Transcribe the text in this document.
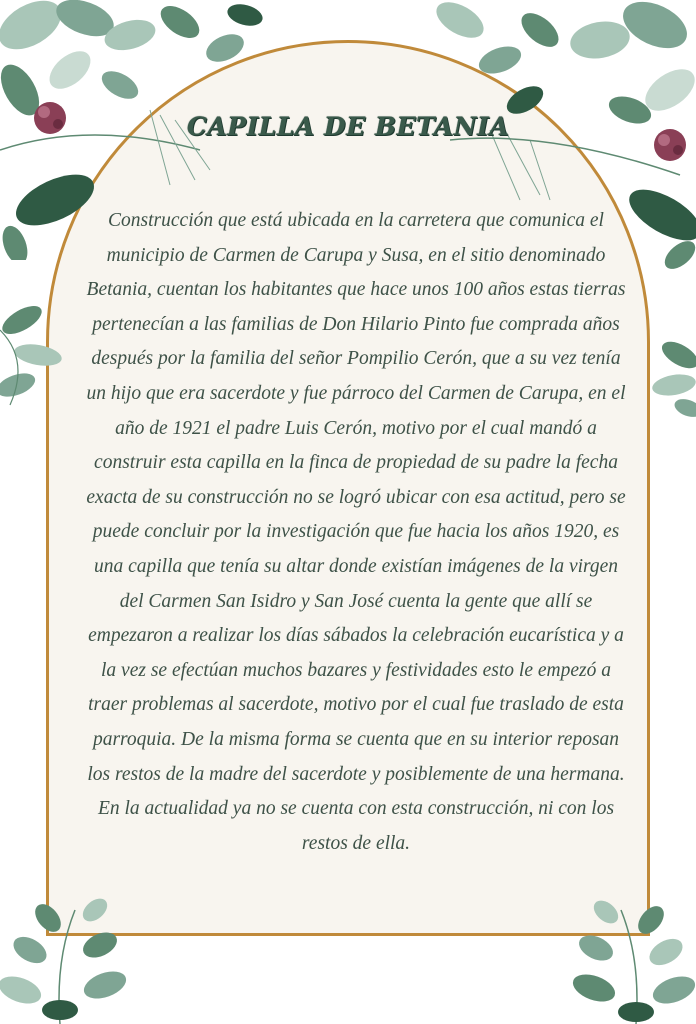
CAPILLA DE BETANIA
Construcción que está ubicada en la carretera que comunica el municipio de Carmen de Carupa y Susa, en el sitio denominado Betania, cuentan los habitantes que hace unos 100 años estas tierras pertenecían a las familias de Don Hilario Pinto fue comprada años después por la familia del señor Pompilio Cerón, que a su vez tenía un hijo que era sacerdote y fue párroco del Carmen de Carupa, en el año de 1921 el padre Luis Cerón, motivo por el cual mandó a construir esta capilla en la finca de propiedad de su padre la fecha exacta de su construcción no se logró ubicar con esa actitud, pero se puede concluir por la investigación que fue hacia los años 1920, es una capilla que tenía su altar donde existían imágenes de la virgen del Carmen San Isidro y San José cuenta la gente que allí se empezaron a realizar los días sábados la celebración eucarística y a la vez se efectúan muchos bazares y festividades esto le empezó a traer problemas al sacerdote, motivo por el cual fue traslado de esta parroquia. De la misma forma se cuenta que en su interior reposan los restos de la madre del sacerdote y posiblemente de una hermana. En la actualidad ya no se cuenta con esta construcción, ni con los restos de ella.
